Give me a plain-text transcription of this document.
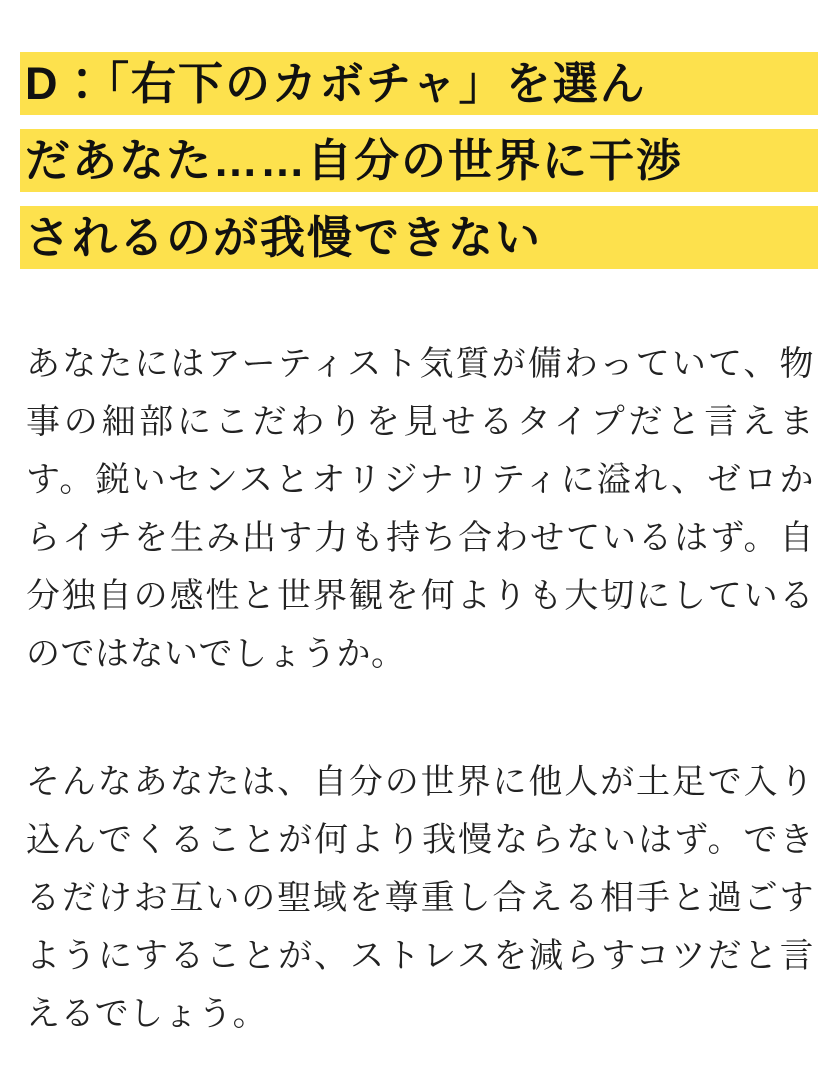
D：「右下のカボチャ」を選ん
だあなた……自分の世界に干渉
されるのが我慢できない

あなたにはアーティスト気質が備わっていて、物事の細部にこだわりを見せるタイプだと言えます。鋭いセンスとオリジナリティに溢れ、ゼロからイチを生み出す力も持ち合わせているはず。自分独自の感性と世界観を何よりも大切にしているのではないでしょうか。

そんなあなたは、自分の世界に他人が土足で入り込んでくることが何より我慢ならないはず。できるだけお互いの聖域を尊重し合える相手と過ごすようにすることが、ストレスを減らすコツだと言えるでしょう。
